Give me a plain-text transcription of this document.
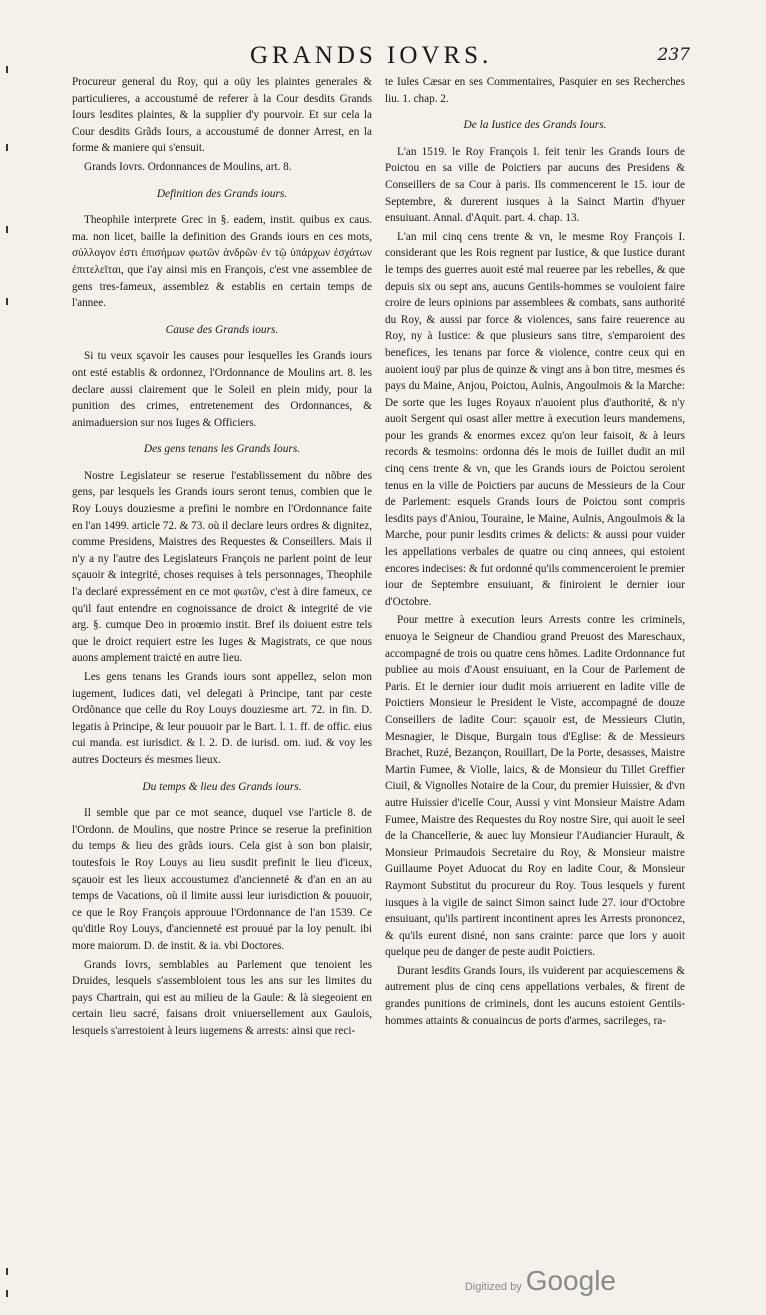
GRANDS IOVRS.	237

Procureur general du Roy, qui a oüy les plaintes generales & particulieres, a accoustumé de referer à la Cour desdits Grands Iours lesdites plaintes, & la supplier d'y pourvoir. Et sur cela la Cour desdits Grãds Iours, a accoustumé de donner Arrest, en la forme & maniere qui s'ensuit.

Grands Iovrs. Ordonnances de Moulins, art. 8.

Definition des Grands iours.

Theophile interprete Grec in §. eadem, instit. quibus ex caus. ma. non licet, baille la definition des Grands iours en ces mots, σύλλογον ἐστι ἐπισήμων φωτῶν ἀνδρῶν ἐν τῷ ὑπάρχων ἐσχάτων ἐπιτελεῖται, que i'ay ainsi mis en François, c'est vne assemblee de gens tres-fameux, assemblez & establis en certain temps de l'annee.

Cause des Grands iours.

Si tu veux sçavoir les causes pour lesquelles les Grands iours ont esté establis & ordonnez, l'Ordonnance de Moulins art. 8. les declare aussi clairement que le Soleil en plein midy, pour la punition des crimes, entretenement des Ordonnances, & animaduersion sur nos Iuges & Officiers.

Des gens tenans les Grands Iours.

Nostre Legislateur se reserue l'establissement du nõbre des gens, par lesquels les Grands iours seront tenus, combien que le Roy Louys douziesme a prefini le nombre en l'Ordonnance faite en l'an 1499. article 72. & 73. où il declare leurs ordres & dignitez, comme Presidens, Maistres des Requestes & Conseillers. Mais il n'y a ny l'autre des Legislateurs François ne parlent point de leur sçauoir & integrité, choses requises à tels personnages, Theophile l'a declaré expressément en ce mot φωτῶν, c'est à dire fameux, ce qu'il faut entendre en cognoissance de droict & integrité de vie arg. §. cumque Deo in proœmio instit. Bref ils doiuent estre tels que le droict requiert estre les Iuges & Magistrats, ce que nous auons amplement traicté en autre lieu.

Les gens tenans les Grands iours sont appellez, selon mon iugement, Iudices dati, vel delegati à Principe, tant par ceste Ordõnance que celle du Roy Louys douziesme art. 72. in fin. D. legatis à Principe, & leur pouuoir par le Bart. l. 1. ff. de offic. eius cui manda. est iurisdict. & l. 2. D. de iurisd. om. iud. & voy les autres Docteurs és mesmes lieux.

Du temps & lieu des Grands iours.

Il semble que par ce mot seance, duquel vse l'article 8. de l'Ordonn. de Moulins, que nostre Prince se reserue la prefinition du temps & lieu des grãds iours. Cela gist à son bon plaisir, toutesfois le Roy Louys au lieu susdit prefinit le lieu d'iceux, sçauoir est les lieux accoustumez d'ancienneté & d'an en an au temps de Vacations, où il limite aussi leur iurisdiction & pouuoir, ce que le Roy François approuue l'Ordonnance de l'an 1539. Ce qu'ditle Roy Louys, d'ancienneté est prouué par la loy penult. ibi more maiorum. D. de instit. & ia. vbi Doctores.

Grands Iovrs, semblables au Parlement que tenoient les Druides, lesquels s'assembloient tous les ans sur les limites du pays Chartrain, qui est au milieu de la Gaule: & là siegeoient en certain lieu sacré, faisans droit vniuersellement aux Gaulois, lesquels s'arrestoient à leurs iugemens & arrests: ainsi que reci-

te Iules Cæsar en ses Commentaires, Pasquier en ses Recherches liu. 1. chap. 2.

De la Iustice des Grands Iours.

L'an 1519. le Roy François I. feit tenir les Grands Iours de Poictou en sa ville de Poictiers par aucuns des Presidens & Conseillers de sa Cour à paris. Ils commencerent le 15. iour de Septembre, & durerent iusques à la Sainct Martin d'hyuer ensuiuant. Annal. d'Aquit. part. 4. chap. 13.

L'an mil cinq cens trente & vn, le mesme Roy François I. considerant que les Rois regnent par Iustice, & que Iustice durant le temps des guerres auoit esté mal reueree par les rebelles, & que depuis six ou sept ans, aucuns Gentils-hommes se vouloient faire croire de leurs opinions par assemblees & combats, sans authorité du Roy, & aussi par force & violences, sans faire reuerence au Roy, ny à Iustice: & que plusieurs sans titre, s'emparoient des benefices, les tenans par force & violence, contre ceux qui en auoient iouÿ par plus de quinze & vingt ans à bon titre, mesmes és pays du Maine, Anjou, Poictou, Aulnis, Angoulmois & la Marche: De sorte que les Iuges Royaux n'auoient plus d'authorité, & n'y auoit Sergent qui osast aller mettre à execution leurs mandemens, pour les grands & enormes excez qu'on leur faisoit, & à leurs records & tesmoins: ordonna dés le mois de Iuillet dudit an mil cinq cens trente & vn, que les Grands iours de Poictou seroient tenus en la ville de Poictiers par aucuns de Messieurs de la Cour de Parlement: esquels Grands Iours de Poictou sont compris lesdits pays d'Aniou, Touraine, le Maine, Aulnis, Angoulmois & la Marche, pour punir lesdits crimes & delicts: & aussi pour vuider les appellations verbales de quatre ou cinq annees, qui estoient encores indecises: & fut ordonné qu'ils commenceroient le premier iour de Septembre ensuiuant, & finiroient le dernier iour d'Octobre.

Pour mettre à execution leurs Arrests contre les criminels, enuoya le Seigneur de Chandiou grand Preuost des Mareschaux, accompagné de trois ou quatre cens hõmes. Ladite Ordonnance fut publiee au mois d'Aoust ensuiuant, en la Cour de Parlement de Paris. Et le dernier iour dudit mois arriuerent en ladite ville de Poictiers Monsieur le President le Viste, accompagné de douze Conseillers de ladite Cour: sçauoir est, de Messieurs Clutin, Mesnagier, le Disque, Burgain tous d'Eglise: & de Messieurs Brachet, Ruzé, Bezançon, Rouillart, De la Porte, desasses, Maistre Martin Fumee, & Violle, laics, & de Monsieur du Tillet Greffier Ciuil, & Vignolles Notaire de la Cour, du premier Huissier, & d'vn autre Huissier d'icelle Cour, Aussi y vint Monsieur Maistre Adam Fumee, Maistre des Requestes du Roy nostre Sire, qui auoit le seel de la Chancellerie, & auec luy Monsieur l'Audiancier Hurault, & Monsieur Primaudois Secretaire du Roy, & Monsieur maistre Guillaume Poyet Aduocat du Roy en ladite Cour, & Monsieur Raymont Substitut du procureur du Roy. Tous lesquels y furent iusques à la vigile de sainct Simon sainct Iude 27. iour d'Octobre ensuiuant, qu'ils partirent incontinent apres les Arrests prononcez, & qu'ils eurent disné, non sans crainte: parce que lors y auoit quelque peu de danger de peste audit Poictiers.

Durant lesdits Grands Iours, ils vuiderent par acquiescemens & autrement plus de cinq cens appellations verbales, & firent de grandes punitions de criminels, dont les aucuns estoient Gentils-hommes attaints & conuaincus de ports d'armes, sacrileges, ra-

Digitized by Google
